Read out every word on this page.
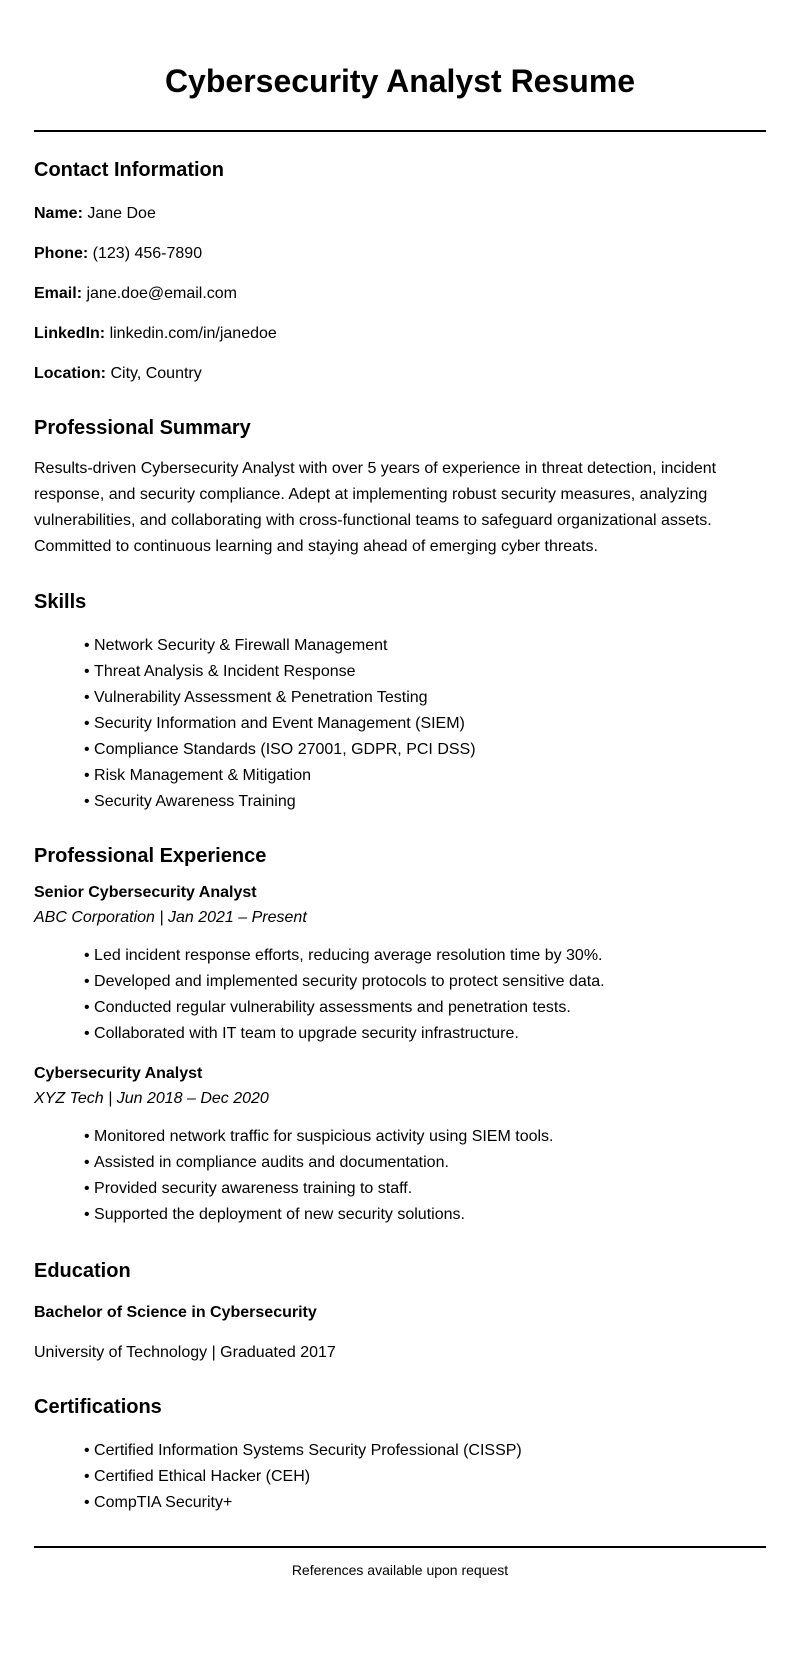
Cybersecurity Analyst Resume
Contact Information

Name: Jane Doe

Phone: (123) 456-7890

Email: jane.doe@email.com

LinkedIn: linkedin.com/in/janedoe

Location: City, Country

Professional Summary

Results-driven Cybersecurity Analyst with over 5 years of experience in threat detection, incident response, and security compliance. Adept at implementing robust security measures, analyzing vulnerabilities, and collaborating with cross-functional teams to safeguard organizational assets. Committed to continuous learning and staying ahead of emerging cyber threats.

Skills
• Network Security & Firewall Management
• Threat Analysis & Incident Response
• Vulnerability Assessment & Penetration Testing
• Security Information and Event Management (SIEM)
• Compliance Standards (ISO 27001, GDPR, PCI DSS)
• Risk Management & Mitigation
• Security Awareness Training
Professional Experience

Senior Cybersecurity Analyst

ABC Corporation | Jan 2021 – Present

• Led incident response efforts, reducing average resolution time by 30%.
• Developed and implemented security protocols to protect sensitive data.
• Conducted regular vulnerability assessments and penetration tests.
• Collaborated with IT team to upgrade security infrastructure.

Cybersecurity Analyst

XYZ Tech | Jun 2018 – Dec 2020

• Monitored network traffic for suspicious activity using SIEM tools.
• Assisted in compliance audits and documentation.
• Provided security awareness training to staff.
• Supported the deployment of new security solutions.
Education

Bachelor of Science in Cybersecurity

University of Technology | Graduated 2017

Certifications
• Certified Information Systems Security Professional (CISSP)
• Certified Ethical Hacker (CEH)
• CompTIA Security+

References available upon request
